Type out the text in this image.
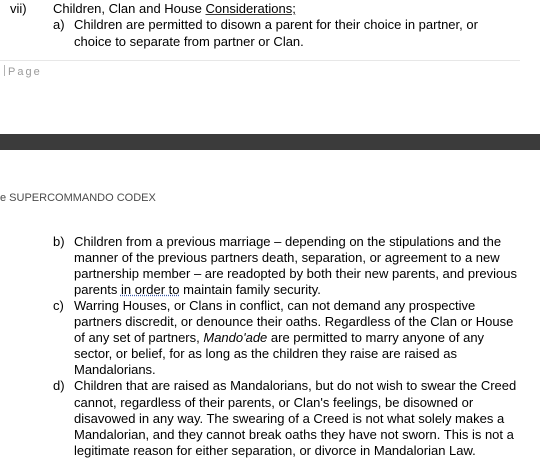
vii) Children, Clan and House Considerations;
a) Children are permitted to disown a parent for their choice in partner, or
choice to separate from partner or Clan.
Page
e SUPERCOMMANDO CODEX
b) Children from a previous marriage – depending on the stipulations and the
manner of the previous partners death, separation, or agreement to a new
partnership member – are readopted by both their new parents, and previous
parents in order to maintain family security.
c) Warring Houses, or Clans in conflict, can not demand any prospective
partners discredit, or denounce their oaths. Regardless of the Clan or House
of any set of partners, Mando'ade are permitted to marry anyone of any
sector, or belief, for as long as the children they raise are raised as
Mandalorians.
d) Children that are raised as Mandalorians, but do not wish to swear the Creed
cannot, regardless of their parents, or Clan's feelings, be disowned or
disavowed in any way. The swearing of a Creed is not what solely makes a
Mandalorian, and they cannot break oaths they have not sworn. This is not a
legitimate reason for either separation, or divorce in Mandalorian Law.
